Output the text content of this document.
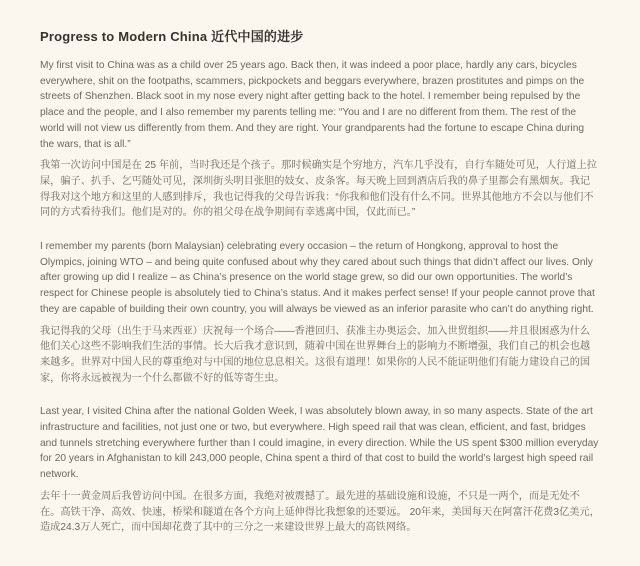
Progress to Modern China 近代中国的进步

My first visit to China was as a child over 25 years ago. Back then, it was indeed a poor place, hardly any cars, bicycles everywhere, shit on the footpaths, scammers, pickpockets and beggars everywhere, brazen prostitutes and pimps on the streets of Shenzhen. Black soot in my nose every night after getting back to the hotel. I remember being repulsed by the place and the people, and I also remember my parents telling me: “You and I are no different from them. The rest of the world will not view us differently from them. And they are right. Your grandparents had the fortune to escape China during the wars, that is all.”

我第一次访问中国是在 25 年前，当时我还是个孩子。那时候确实是个穷地方，汽车几乎没有，自行车随处可见，人行道上拉屎，骗子、扒手、乞丐随处可见，深圳街头明目张胆的妓女、皮条客。每天晚上回到酒店后我的鼻子里都会有黑烟灰。我记得我对这个地方和这里的人感到排斥，我也记得我的父母告诉我：“你我和他们没有什么不同。世界其他地方不会以与他们不同的方式看待我们。他们是对的。你的祖父母在战争期间有幸逃离中国，仅此而已。”

I remember my parents (born Malaysian) celebrating every occasion – the return of Hongkong, approval to host the Olympics, joining WTO – and being quite confused about why they cared about such things that didn’t affect our lives. Only after growing up did I realize – as China’s presence on the world stage grew, so did our own opportunities. The world’s respect for Chinese people is absolutely tied to China’s status. And it makes perfect sense! If your people cannot prove that they are capable of building their own country, you will always be viewed as an inferior parasite who can’t do anything right.

我记得我的父母（出生于马来西亚）庆祝每一个场合——香港回归、获准主办奥运会、加入世贸组织——并且很困惑为什么他们关心这些不影响我们生活的事情。长大后我才意识到，随着中国在世界舞台上的影响力不断增强，我们自己的机会也越来越多。世界对中国人民的尊重绝对与中国的地位息息相关。这很有道理！如果你的人民不能证明他们有能力建设自己的国家，你将永远被视为一个什么都做不好的低等寄生虫。

Last year, I visited China after the national Golden Week, I was absolutely blown away, in so many aspects. State of the art infrastructure and facilities, not just one or two, but everywhere. High speed rail that was clean, efficient, and fast, bridges and tunnels stretching everywhere further than I could imagine, in every direction. While the US spent $300 million everyday for 20 years in Afghanistan to kill 243,000 people, China spent a third of that cost to build the world’s largest high speed rail network.

去年十一黄金周后我曾访问中国。在很多方面，我绝对被震撼了。最先进的基础设施和设施，不只是一两个，而是无处不在。高铁干净、高效、快速，桥梁和隧道在各个方向上延伸得比我想象的还要远。 20年来，美国每天在阿富汗花费3亿美元，造成24.3万人死亡，而中国却花费了其中的三分之一来建设世界上最大的高铁网络。
